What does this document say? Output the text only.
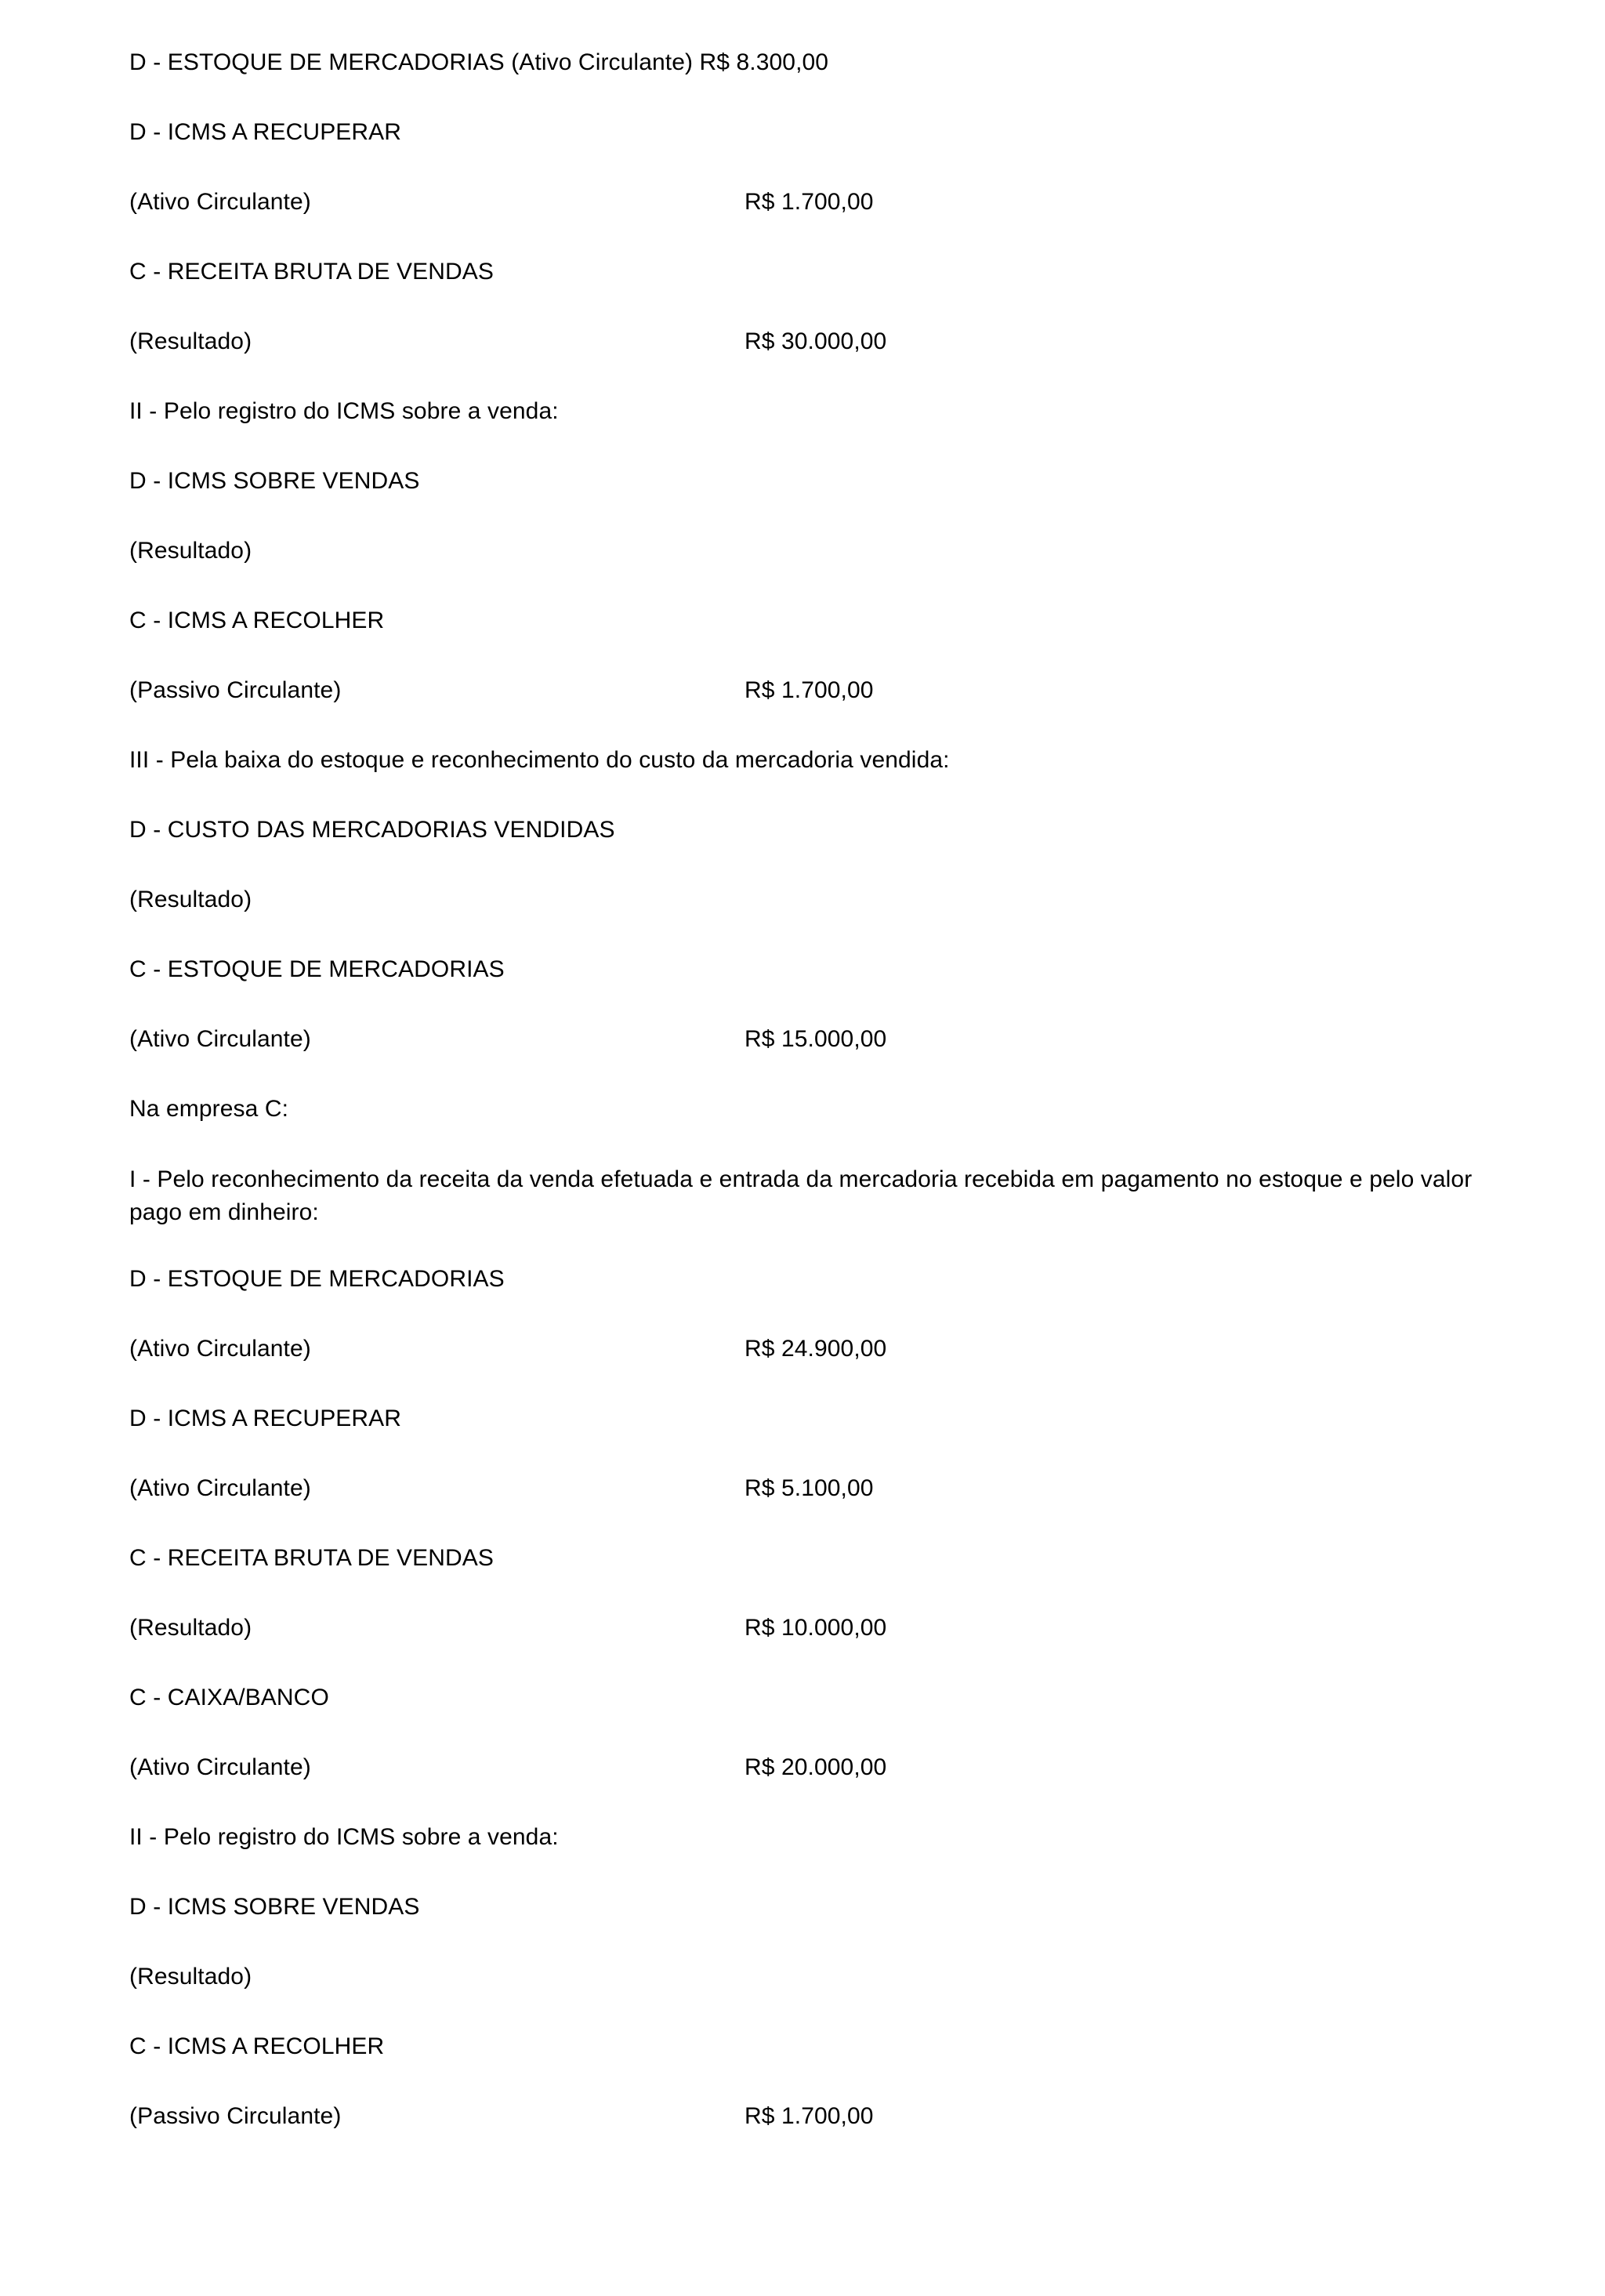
D - ESTOQUE DE MERCADORIAS (Ativo Circulante) R$ 8.300,00

D - ICMS A RECUPERAR

(Ativo Circulante)	R$ 1.700,00

C - RECEITA BRUTA DE VENDAS

(Resultado)	R$ 30.000,00

II - Pelo registro do ICMS sobre a venda:

D - ICMS SOBRE VENDAS

(Resultado)

C - ICMS A RECOLHER

(Passivo Circulante)	R$ 1.700,00

III - Pela baixa do estoque e reconhecimento do custo da mercadoria vendida:

D - CUSTO DAS MERCADORIAS VENDIDAS

(Resultado)

C - ESTOQUE DE MERCADORIAS

(Ativo Circulante)	R$ 15.000,00

Na empresa C:

I - Pelo reconhecimento da receita da venda efetuada e entrada da mercadoria recebida em pagamento no estoque e pelo valor pago em dinheiro:

D - ESTOQUE DE MERCADORIAS

(Ativo Circulante)	R$ 24.900,00

D - ICMS A RECUPERAR

(Ativo Circulante)	R$ 5.100,00

C - RECEITA BRUTA DE VENDAS

(Resultado)	R$ 10.000,00

C - CAIXA/BANCO

(Ativo Circulante)	R$ 20.000,00

II - Pelo registro do ICMS sobre a venda:

D - ICMS SOBRE VENDAS

(Resultado)

C - ICMS A RECOLHER

(Passivo Circulante)	R$ 1.700,00
